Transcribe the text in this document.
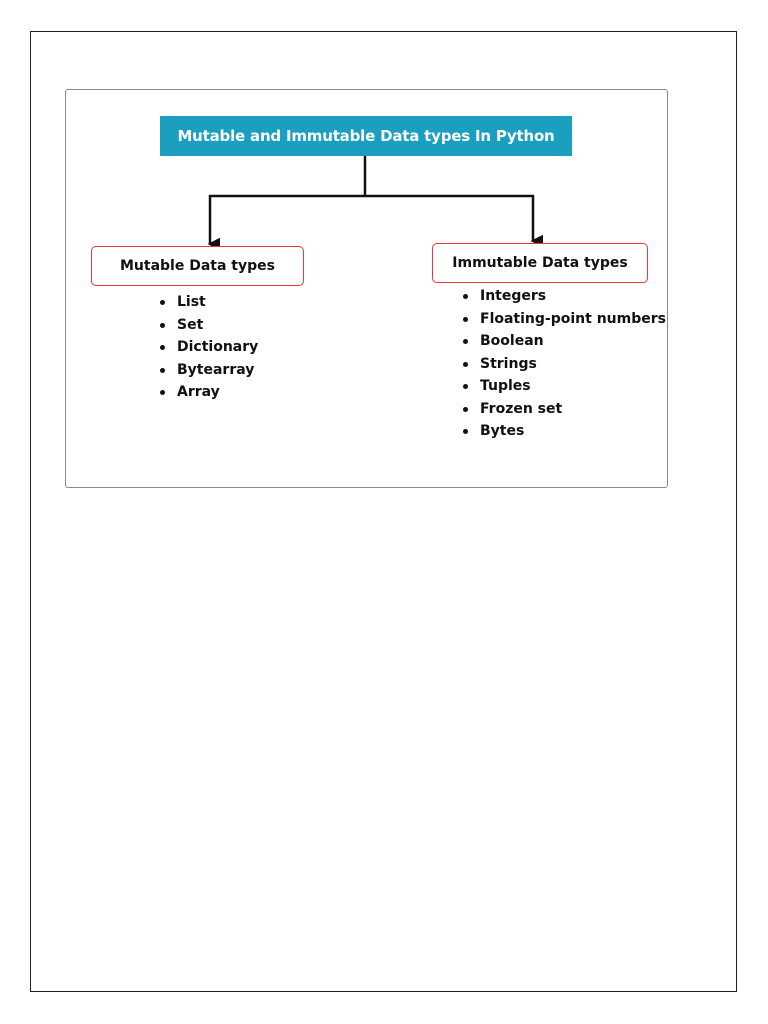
Mutable and Immutable Data types In Python
Mutable Data types	Immutable Data types
List
Set
Dictionary
Bytearray
Array
Integers
Floating-point numbers
Boolean
Strings
Tuples
Frozen set
Bytes
